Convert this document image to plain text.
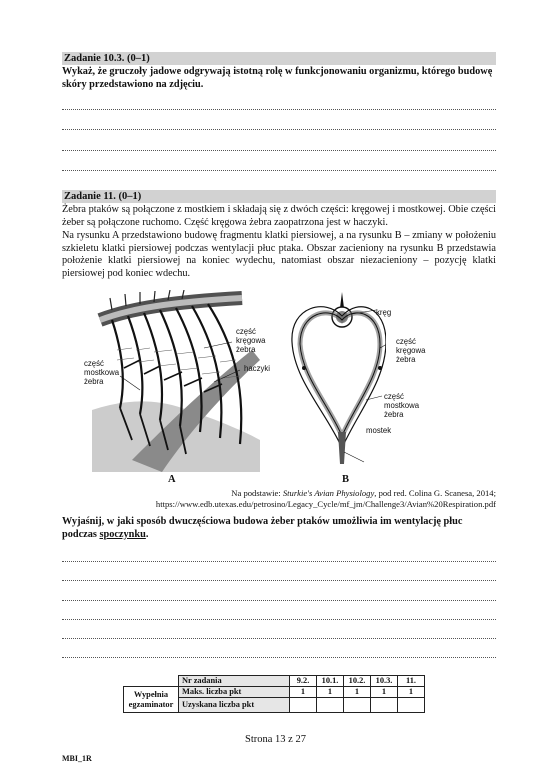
Zadanie 10.3. (0–1)
Wykaż, że gruczoły jadowe odgrywają istotną rolę w funkcjonowaniu organizmu, którego budowę skóry przedstawiono na zdjęciu.
Zadanie 11. (0–1)
Żebra ptaków są połączone z mostkiem i składają się z dwóch części: kręgowej i mostkowej. Obie części żeber są połączone ruchomo. Część kręgowa żebra zaopatrzona jest w haczyki.
Na rysunku A przedstawiono budowę fragmentu klatki piersiowej, a na rysunku B – zmiany w położeniu szkieletu klatki piersiowej podczas wentylacji płuc ptaka. Obszar zacieniony na rysunku B przedstawia położenie klatki piersiowej na koniec wydechu, natomiast obszar niezacieniony – pozycję klatki piersiowej pod koniec wdechu.
część
kręgowa
żebra
haczyki
część
mostkowa
żebra
A
kręg
część
kręgowa
żebra
część
mostkowa
żebra
mostek
B
Na podstawie: Sturkie's Avian Physiology, pod red. Colina G. Scanesa, 2014;
https://www.edb.utexas.edu/petrosino/Legacy_Cycle/mf_jm/Challenge3/Avian%20Respiration.pdf
Wyjaśnij, w jaki sposób dwuczęściowa budowa żeber ptaków umożliwia im wentylację płuc podczas spoczynku.
	Nr zadania	9.2.	10.1.	10.2.	10.3.	11.
Wypełnia egzaminator	Maks. liczba pkt	1	1	1	1	1
	Uzyskana liczba pkt					
Strona 13 z 27
MBI_1R
